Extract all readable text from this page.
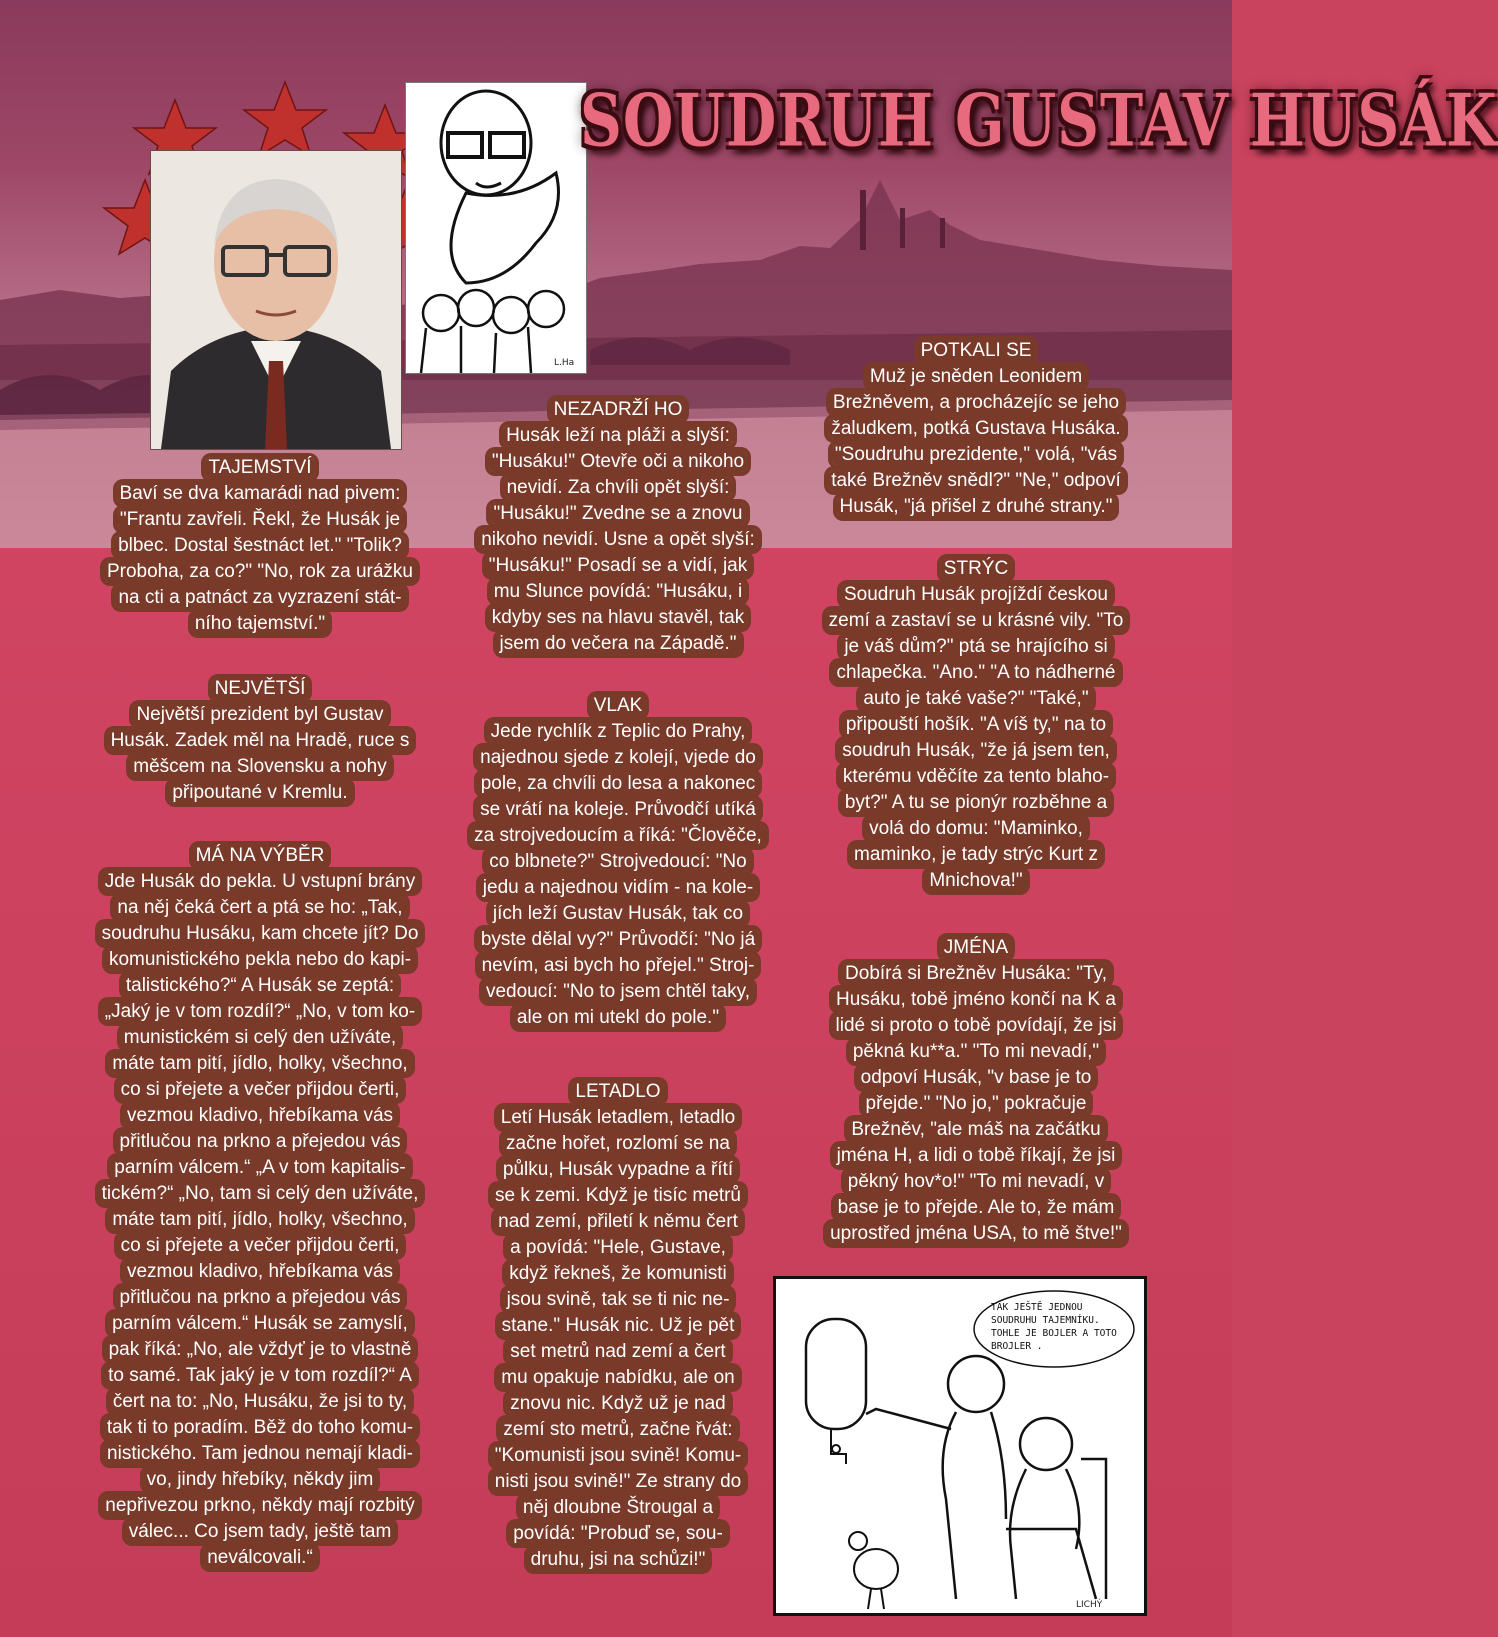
L.Ha
SOUDRUH GUSTAV HUSÁK
TAJEMSTVÍ
Baví se dva kamarádi nad pivem:
"Frantu zavřeli. Řekl, že Husák je
blbec. Dostal šestnáct let." "Tolik?
Proboha, za co?" "No, rok za urážku
na cti a patnáct za vyzrazení stát-
ního tajemství."
NEJVĚTŠÍ
Největší prezident byl Gustav
Husák. Zadek měl na Hradě, ruce s
měšcem na Slovensku a nohy
připoutané v Kremlu.
MÁ NA VÝBĚR
Jde Husák do pekla. U vstupní brány
na něj čeká čert a ptá se ho: „Tak,
soudruhu Husáku, kam chcete jít? Do
komunistického pekla nebo do kapi-
talistického?“ A Husák se zeptá:
„Jaký je v tom rozdíl?“ „No, v tom ko-
munistickém si celý den užíváte,
máte tam pití, jídlo, holky, všechno,
co si přejete a večer přijdou čerti,
vezmou kladivo, hřebíkama vás
přitlučou na prkno a přejedou vás
parním válcem.“ „A v tom kapitalis-
tickém?“ „No, tam si celý den užíváte,
máte tam pití, jídlo, holky, všechno,
co si přejete a večer přijdou čerti,
vezmou kladivo, hřebíkama vás
přitlučou na prkno a přejedou vás
parním válcem.“ Husák se zamyslí,
pak říká: „No, ale vždyť je to vlastně
to samé. Tak jaký je v tom rozdíl?“ A
čert na to: „No, Husáku, že jsi to ty,
tak ti to poradím. Běž do toho komu-
nistického. Tam jednou nemají kladi-
vo, jindy hřebíky, někdy jim
nepřivezou prkno, někdy mají rozbitý
válec... Co jsem tady, ještě tam
neválcovali.“
NEZADRŽÍ HO
Husák leží na pláži a slyší:
"Husáku!" Otevře oči a nikoho
nevidí. Za chvíli opět slyší:
"Husáku!" Zvedne se a znovu
nikoho nevidí. Usne a opět slyší:
"Husáku!" Posadí se a vidí, jak
mu Slunce povídá: "Husáku, i
kdyby ses na hlavu stavěl, tak
jsem do večera na Západě."
VLAK
Jede rychlík z Teplic do Prahy,
najednou sjede z kolejí, vjede do
pole, za chvíli do lesa a nakonec
se vrátí na koleje. Průvodčí utíká
za strojvedoucím a říká: "Člověče,
co blbnete?" Strojvedoucí: "No
jedu a najednou vidím - na kole-
jích leží Gustav Husák, tak co
byste dělal vy?" Průvodčí: "No já
nevím, asi bych ho přejel." Stroj-
vedoucí: "No to jsem chtěl taky,
ale on mi utekl do pole."
LETADLO
Letí Husák letadlem, letadlo
začne hořet, rozlomí se na
půlku, Husák vypadne a řítí
se k zemi. Když je tisíc metrů
nad zemí, přiletí k němu čert
a povídá: "Hele, Gustave,
když řekneš, že komunisti
jsou svině, tak se ti nic ne-
stane." Husák nic. Už je pět
set metrů nad zemí a čert
mu opakuje nabídku, ale on
znovu nic. Když už je nad
zemí sto metrů, začne řvát:
"Komunisti jsou svině! Komu-
nisti jsou svině!" Ze strany do
něj dloubne Štrougal a
povídá: "Probuď se, sou-
druhu, jsi na schůzi!"
POTKALI SE
Muž je sněden Leonidem
Brežněvem, a procházejíc se jeho
žaludkem, potká Gustava Husáka.
"Soudruhu prezidente," volá, "vás
také Brežněv snědl?" "Ne," odpoví
Husák, "já přišel z druhé strany."
STRÝC
Soudruh Husák projíždí českou
zemí a zastaví se u krásné vily. "To
je váš dům?" ptá se hrajícího si
chlapečka. "Ano." "A to nádherné
auto je také vaše?" "Také,"
připouští hošík. "A víš ty," na to
soudruh Husák, "že já jsem ten,
kterému vděčíte za tento blaho-
byt?" A tu se pionýr rozběhne a
volá do domu: "Maminko,
maminko, je tady strýc Kurt z
Mnichova!"
JMÉNA
Dobírá si Brežněv Husáka: "Ty,
Husáku, tobě jméno končí na K a
lidé si proto o tobě povídají, že jsi
pěkná ku**a." "To mi nevadí,"
odpoví Husák, "v base je to
přejde." "No jo," pokračuje
Brežněv, "ale máš na začátku
jména H, a lidi o tobě říkají, že jsi
pěkný hov*o!" "To mi nevadí, v
base je to přejde. Ale to, že mám
uprostřed jména USA, to mě štve!"
LICHÝ
TAK JEŠTĚ JEDNOU
SOUDRUHU TAJEMNÍKU.
TOHLE JE BOJLER A TOTO
BROJLER .
